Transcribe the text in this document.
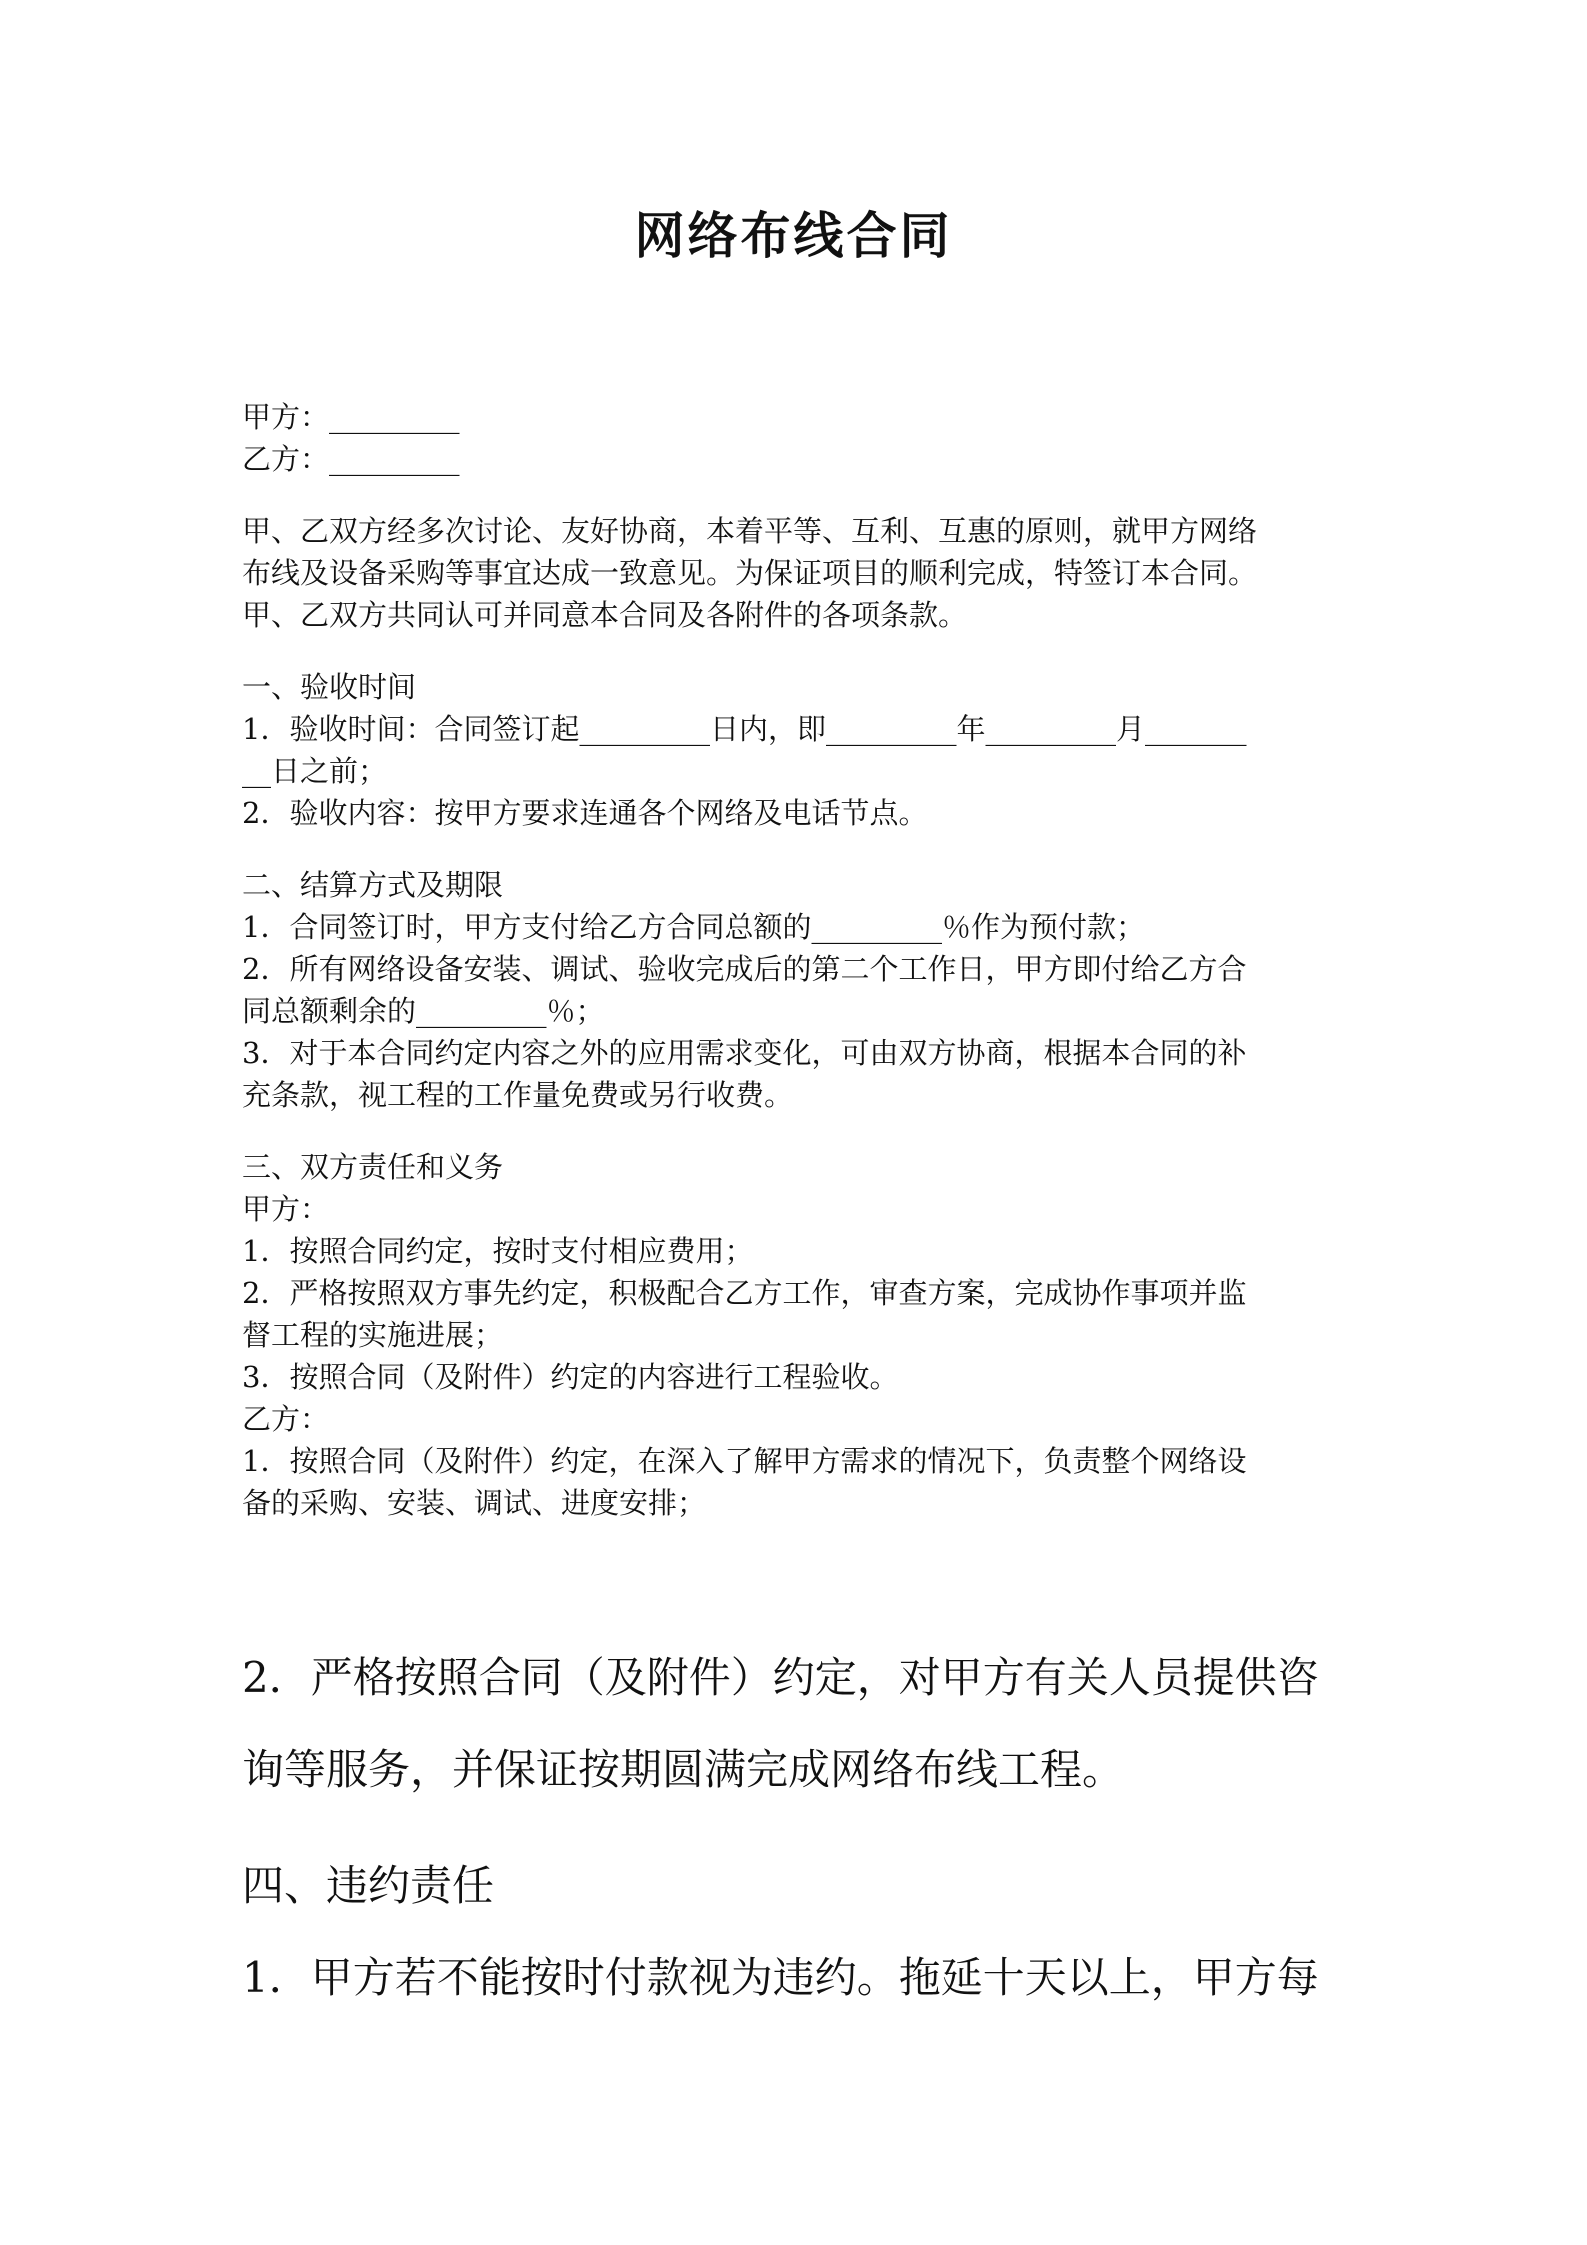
网络布线合同

甲方：_________

乙方：_________

甲、乙双方经多次讨论、友好协商，本着平等、互利、互惠的原则，就甲方网络

布线及设备采购等事宜达成一致意见。为保证项目的顺利完成，特签订本合同。

甲、乙双方共同认可并同意本合同及各附件的各项条款。

一、验收时间

1．验收时间：合同签订起_________日内，即_________年_________月_______

__日之前；

2．验收内容：按甲方要求连通各个网络及电话节点。

二、结算方式及期限

1．合同签订时，甲方支付给乙方合同总额的_________％作为预付款；

2．所有网络设备安装、调试、验收完成后的第二个工作日，甲方即付给乙方合

同总额剩余的_________％；

3．对于本合同约定内容之外的应用需求变化，可由双方协商，根据本合同的补

充条款，视工程的工作量免费或另行收费。

三、双方责任和义务

甲方：

1．按照合同约定，按时支付相应费用；

2．严格按照双方事先约定，积极配合乙方工作，审查方案，完成协作事项并监

督工程的实施进展；

3．按照合同（及附件）约定的内容进行工程验收。

乙方：

1．按照合同（及附件）约定，在深入了解甲方需求的情况下，负责整个网络设

备的采购、安装、调试、进度安排；

2．严格按照合同（及附件）约定，对甲方有关人员提供咨

询等服务，并保证按期圆满完成网络布线工程。

四、违约责任

1．甲方若不能按时付款视为违约。拖延十天以上，甲方每
